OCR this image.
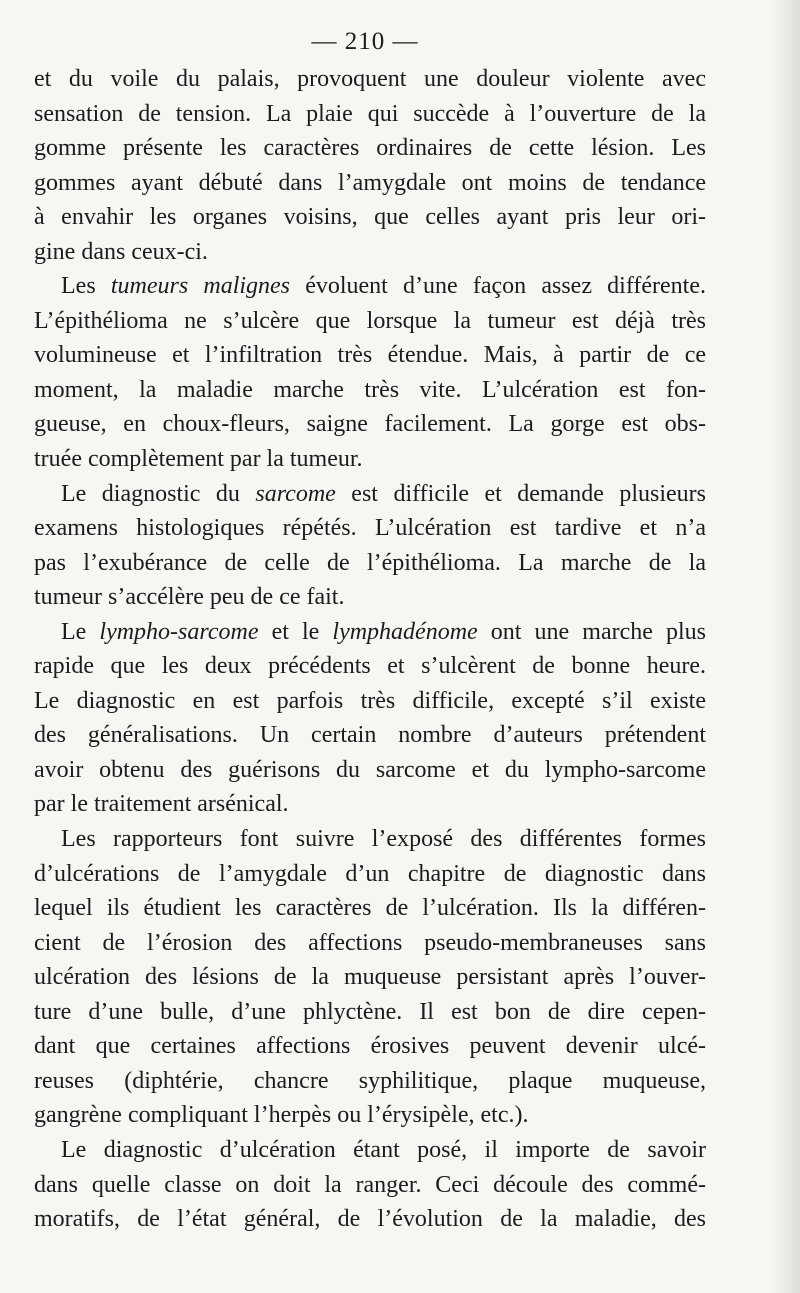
— 210 —
et du voile du palais, provoquent une douleur violente avec
sensation de tension. La plaie qui succède à l’ouverture de la
gomme présente les caractères ordinaires de cette lésion. Les
gommes ayant débuté dans l’amygdale ont moins de tendance
à envahir les organes voisins, que celles ayant pris leur ori-
gine dans ceux-ci.
Les tumeurs malignes évoluent d’une façon assez différente.
L’épithélioma ne s’ulcère que lorsque la tumeur est déjà très
volumineuse et l’infiltration très étendue. Mais, à partir de ce
moment, la maladie marche très vite. L’ulcération est fon-
gueuse, en choux-fleurs, saigne facilement. La gorge est obs-
truée complètement par la tumeur.
Le diagnostic du sarcome est difficile et demande plusieurs
examens histologiques répétés. L’ulcération est tardive et n’a
pas l’exubérance de celle de l’épithélioma. La marche de la
tumeur s’accélère peu de ce fait.
Le lympho-sarcome et le lymphadénome ont une marche plus
rapide que les deux précédents et s’ulcèrent de bonne heure.
Le diagnostic en est parfois très difficile, excepté s’il existe
des généralisations. Un certain nombre d’auteurs prétendent
avoir obtenu des guérisons du sarcome et du lympho-sarcome
par le traitement arsénical.
Les rapporteurs font suivre l’exposé des différentes formes
d’ulcérations de l’amygdale d’un chapitre de diagnostic dans
lequel ils étudient les caractères de l’ulcération. Ils la différen-
cient de l’érosion des affections pseudo-membraneuses sans
ulcération des lésions de la muqueuse persistant après l’ouver-
ture d’une bulle, d’une phlyctène. Il est bon de dire cepen-
dant que certaines affections érosives peuvent devenir ulcé-
reuses (diphtérie, chancre syphilitique, plaque muqueuse,
gangrène compliquant l’herpès ou l’érysipèle, etc.).
Le diagnostic d’ulcération étant posé, il importe de savoir
dans quelle classe on doit la ranger. Ceci découle des commé-
moratifs, de l’état général, de l’évolution de la maladie, des
